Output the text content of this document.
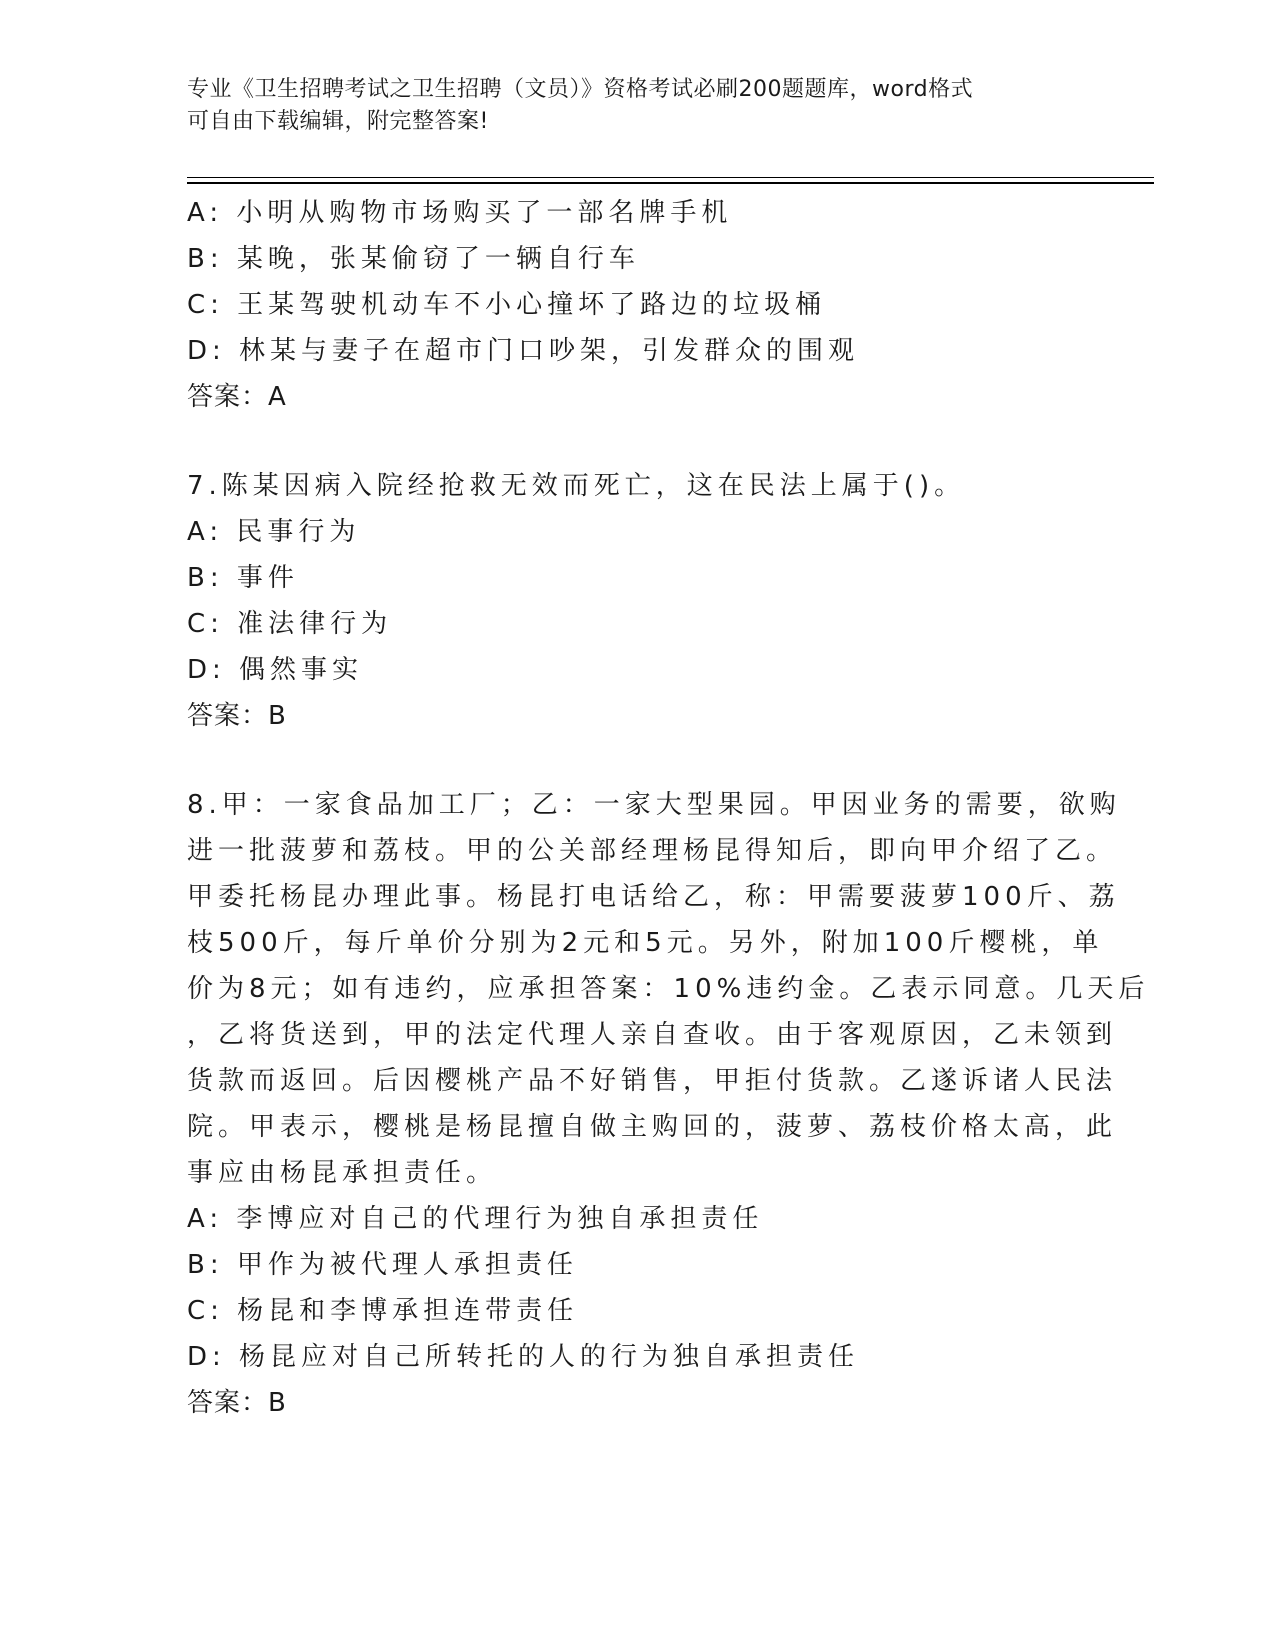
专业《卫生招聘考试之卫生招聘（文员）》资格考试必刷200题题库，word格式
可自由下载编辑，附完整答案!
A: 小明从购物市场购买了一部名牌手机
B: 某晚，张某偷窃了一辆自行车
C: 王某驾驶机动车不小心撞坏了路边的垃圾桶
D: 林某与妻子在超市门口吵架，引发群众的围观
答案：A
7.陈某因病入院经抢救无效而死亡，这在民法上属于()。
A: 民事行为
B: 事件
C: 准法律行为
D: 偶然事实
答案：B
8.甲：一家食品加工厂；乙：一家大型果园。甲因业务的需要，欲购
进一批菠萝和荔枝。甲的公关部经理杨昆得知后，即向甲介绍了乙。
甲委托杨昆办理此事。杨昆打电话给乙，称：甲需要菠萝100斤、荔
枝500斤，每斤单价分别为2元和5元。另外，附加100斤樱桃，单
价为8元；如有违约，应承担答案：10%违约金。乙表示同意。几天后
，乙将货送到，甲的法定代理人亲自查收。由于客观原因，乙未领到
货款而返回。后因樱桃产品不好销售，甲拒付货款。乙遂诉诸人民法
院。甲表示，樱桃是杨昆擅自做主购回的，菠萝、荔枝价格太高，此
事应由杨昆承担责任。
A: 李博应对自己的代理行为独自承担责任
B: 甲作为被代理人承担责任
C: 杨昆和李博承担连带责任
D: 杨昆应对自己所转托的人的行为独自承担责任
答案：B
